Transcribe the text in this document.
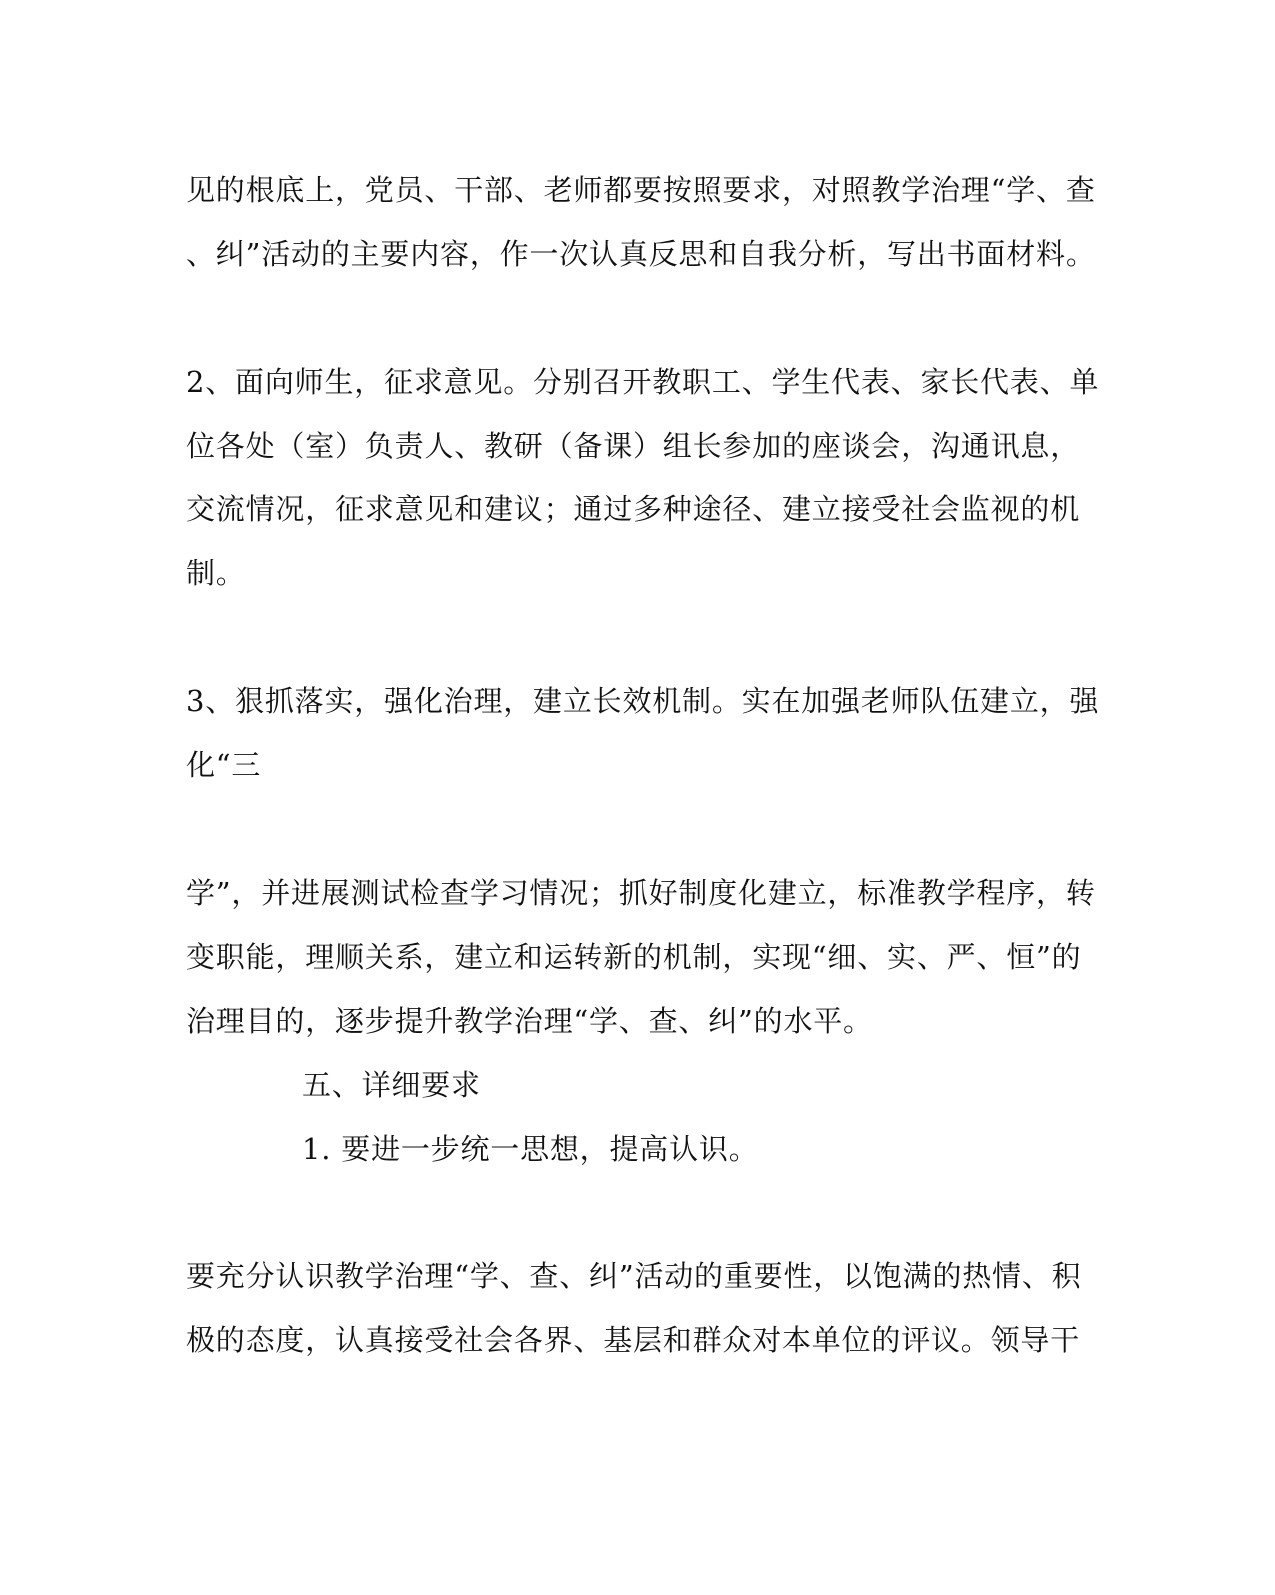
见的根底上，党员、干部、老师都要按照要求，对照教学治理“学、查
、纠”活动的主要内容，作一次认真反思和自我分析，写出书面材料。
2、面向师生，征求意见。分别召开教职工、学生代表、家长代表、单
位各处（室）负责人、教研（备课）组长参加的座谈会，沟通讯息，
交流情况，征求意见和建议；通过多种途径、建立接受社会监视的机
制。
3、狠抓落实，强化治理，建立长效机制。实在加强老师队伍建立，强
化“三
学”，并进展测试检查学习情况；抓好制度化建立，标准教学程序，转
变职能，理顺关系，建立和运转新的机制，实现“细、实、严、恒”的
治理目的，逐步提升教学治理“学、查、纠”的水平。
五、详细要求
1. 要进一步统一思想，提高认识。
要充分认识教学治理“学、查、纠”活动的重要性，以饱满的热情、积
极的态度，认真接受社会各界、基层和群众对本单位的评议。领导干
